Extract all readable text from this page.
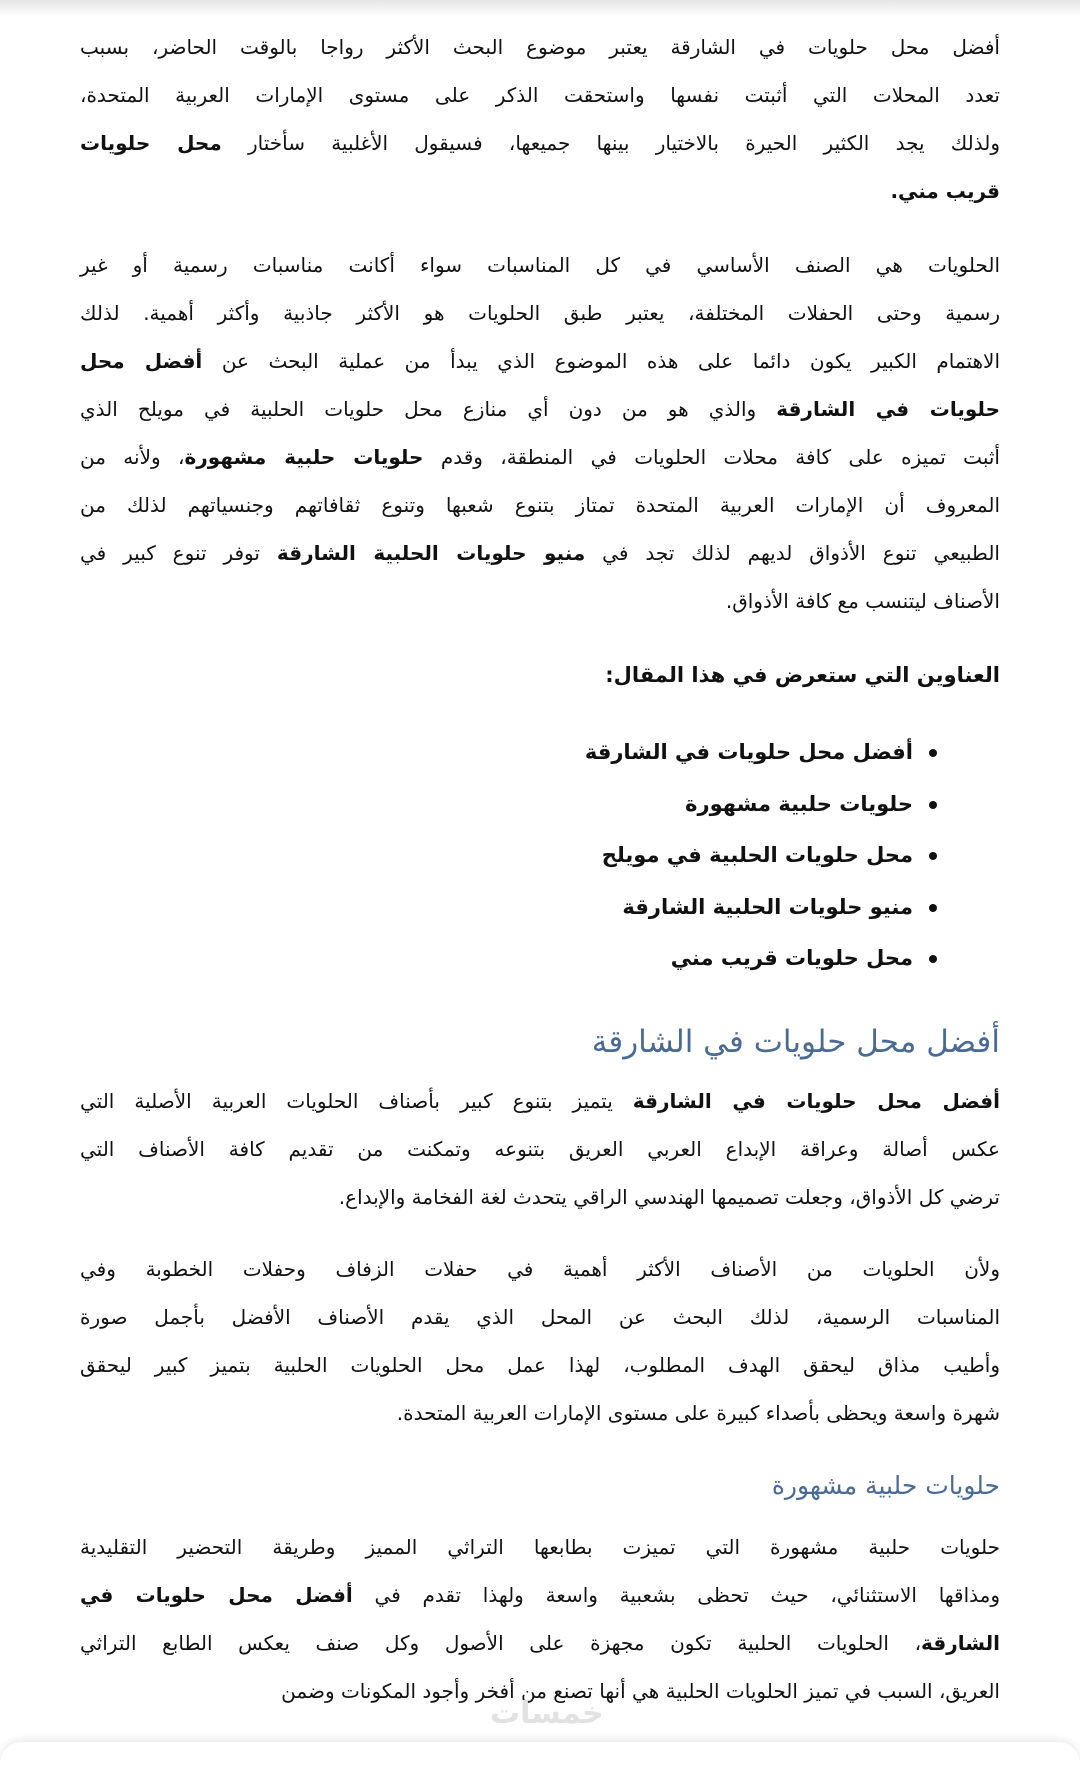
أفضل محل حلويات في الشارقة يعتبر موضوع البحث الأكثر رواجا بالوقت الحاضر، بسبب
تعدد المحلات التي أثبتت نفسها واستحقت الذكر على مستوى الإمارات العربية المتحدة،
ولذلك يجد الكثير الحيرة بالاختيار بينها جميعها، فسيقول الأغلبية سأختار محل حلويات
قريب مني.
الحلويات هي الصنف الأساسي في كل المناسبات سواء أكانت مناسبات رسمية أو غير
رسمية وحتى الحفلات المختلفة، يعتبر طبق الحلويات هو الأكثر جاذبية وأكثر أهمية. لذلك
الاهتمام الكبير يكون دائما على هذه الموضوع الذي يبدأ من عملية البحث عن أفضل محل
حلويات في الشارقة والذي هو من دون أي منازع محل حلويات الحلبية في مويلح الذي
أثبت تميزه على كافة محلات الحلويات في المنطقة، وقدم حلويات حلبية مشهورة، ولأنه من
المعروف أن الإمارات العربية المتحدة تمتاز بتنوع شعبها وتنوع ثقافاتهم وجنسياتهم لذلك من
الطبيعي تنوع الأذواق لديهم لذلك تجد في منيو حلويات الحلبية الشارقة توفر تنوع كبير في
الأصناف ليتنسب مع كافة الأذواق.
العناوين التي ستعرض في هذا المقال:
أفضل محل حلويات في الشارقة
حلويات حلبية مشهورة
محل حلويات الحلبية في مويلح
منيو حلويات الحلبية الشارقة
محل حلويات قريب مني
أفضل محل حلويات في الشارقة
أفضل محل حلويات في الشارقة يتميز بتنوع كبير بأصناف الحلويات العربية الأصلية التي
عكس أصالة وعراقة الإبداع العربي العريق بتنوعه وتمكنت من تقديم كافة الأصناف التي
ترضي كل الأذواق، وجعلت تصميمها الهندسي الراقي يتحدث لغة الفخامة والإبداع.
ولأن الحلويات من الأصناف الأكثر أهمية في حفلات الزفاف وحفلات الخطوبة وفي
المناسبات الرسمية، لذلك البحث عن المحل الذي يقدم الأصناف الأفضل بأجمل صورة
وأطيب مذاق ليحقق الهدف المطلوب، لهذا عمل محل الحلويات الحلبية بتميز كبير ليحقق
شهرة واسعة ويحظى بأصداء كبيرة على مستوى الإمارات العربية المتحدة.
حلويات حلبية مشهورة
حلويات حلبية مشهورة التي تميزت بطابعها التراثي المميز وطريقة التحضير التقليدية
ومذاقها الاستثنائي، حيث تحظى بشعبية واسعة ولهذا تقدم في أفضل محل حلويات في
الشارقة، الحلويات الحلبية تكون مجهزة على الأصول وكل صنف يعكس الطابع التراثي
العريق، السبب في تميز الحلويات الحلبية هي أنها تصنع من أفخر وأجود المكونات وضمن
خمسات
